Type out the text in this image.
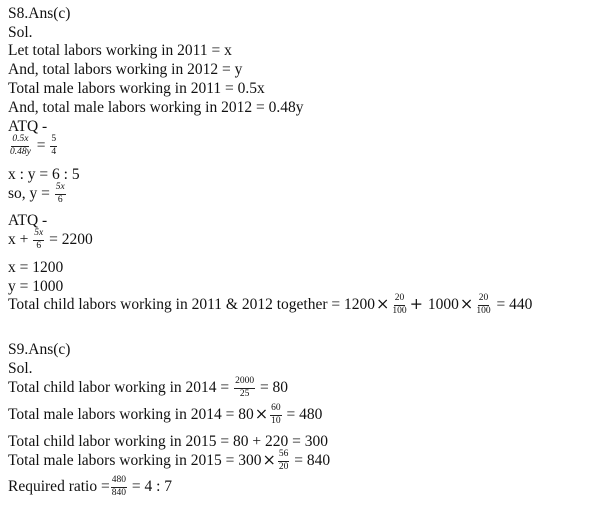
S8.Ans(c)
Sol.
Let total labors working in 2011 = x
And, total labors working in 2012 = y
Total male labors working in 2011 = 0.5x
And, total male labors working in 2012 = 0.48y
ATQ -
$\frac{0.5x}{0.48y} = \frac{5}{4}$
x : y = 6 : 5
so, $y = \frac{5x}{6}$
ATQ -
$x + \frac{5x}{6} = 2200$
x = 1200
y = 1000
Total child labors working in 2011 & 2012 together = $1200\times \frac{20}{100} + 1000\times \frac{20}{100} = 440$
S9.Ans(c)
Sol.
Total child labor working in $2014 = \frac{2000}{25} = 80$
Total male labors working in $2014 = 80\times \frac{60}{10} = 480$
Total child labor working in 2015 = 80 + 220 = 300
Total male labors working in $2015 = 300\times \frac{56}{20} = 840$
Required ratio = $\frac{480}{840} = 4$ : 7
